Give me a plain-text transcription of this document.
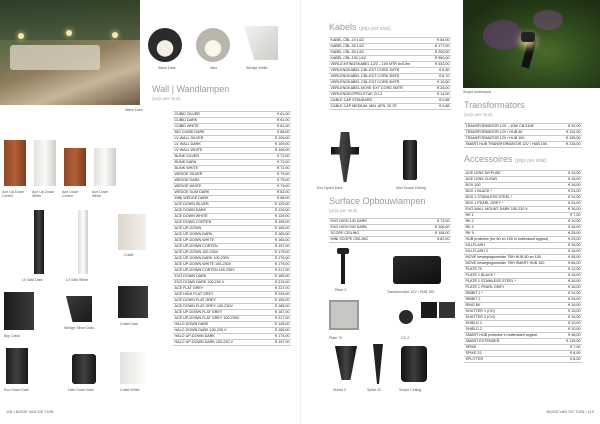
Wave Dark
Wave Dark	Nice	Wedge White
Wall | Wandlampen
(prijs per stuk)
Ace Up-Down
Corten
Ace Up-Down
White
Ace Down
Corten
Ace Down
White
Cubid
LV Wall Dark	LV Wall White
Big Cubid
Wedge Silver Dark
Cubid Dark
Evo Down Dark	Halo Down Dark	Cubid White
CUBID SILVER	€ 61,00
CUBID DARK	€ 61,00
CUBID WHITE	€ 61,00
BIG CUBID DARK	€ 88,00
LV WALL SILVER	€ 109,00
LV WALL DARK	€ 109,00
LV WALL WHITE	€ 109,00
BLINK SILVER	€ 72,00
BLINK DARK	€ 72,00
BLINK WHITE	€ 72,00
WEDGE SILVER	€ 79,00
WEDGE DARK	€ 79,00
WEDGE WHITE	€ 79,00
WEDGE SLIM DARK	€ 82,00
MINI WEDGE DARK	€ 68,00
ACE DOWN SILVER	€ 129,00
ACE DOWN DARK	€ 129,00
ACE DOWN WHITE	€ 129,00
ACE DOWN CORTEN	€ 155,00
ACE UP-DOWN	€ 165,00
ACE UP-DOWN DARK	€ 165,00
ACE UP-DOWN WHITE	€ 165,00
ACE UP-DOWN CORTEN	€ 197,00
ACE UP-DOWN 100-230V	€ 179,00
ACE UP-DOWN DARK 100-230V	€ 179,00
ACE UP-DOWN WHITE 100-230V	€ 179,00
ACE UP-DOWN CORTEN 100-230V	€ 217,00
EVO DOWN DARK	€ 185,00
EVO DOWN DARK 100-230 V	€ 215,00
ACE FLAT GREY	€ 227,00
ACE HIGH FLAT GREY	€ 239,00
ACE DOWN FLAT GREY	€ 155,00
ACE DOWN FLAT GREY 100-230V	€ 185,00
ACE UP-DOWN FLAT GREY	€ 187,00
ACE UP-DOWN FLAT GREY 100-230V	€ 217,00
HALO DOWN DARK	€ 145,00
HALO DOWN DARK 100-230 V	€ 165,00
HALO UP-DOWN DARK	€ 175,00
HALO UP-DOWN DARK 100-230 V	€ 197,00
118 | BASIS VAN DE TUIN
Kabels (prijs per stuk)
KABEL CBL-10 14/2	€ 64,00
KABEL CBL-30 14/2	€ 177,00
KABEL CBL-50 14/2	€ 290,00
KABEL CBL-100 14/2	€ 590,00
VERLICHTINGSKABEL 12/2 – 100 MTR 6x0,5m	€ 533,00
VERLENGKABEL CBL-EXT CORD 1MTR	€ 6,50
VERLENGKABEL CBL-EXT CORD 3MTR	€ 8,70
VERLENGKABEL CBL-EXT CORD 5MTR	€ 10,90
VERLENGKABEL MOVE EXT CORD 5MTR	€ 26,00
VERLENGKOPPELSTUK CC-2	€ 14,00
CABLE CAP STANDARD	€ 0,88
CABLE CAP MEDIUM. MIN. AFN. 25 ST.	€ 0,88
Scope buitenspot
Transformators
(prijs per stuk)
TRANSFORMATOR 12V – 10W CB-510E	€ 32,00
TRANSFORMATOR 12V / HUB 60	€ 114,00
TRANSFORMATOR 12V / HUB 100	€ 195,00
SMART HUB TRANSFORMATOR 12V / HUB 150	€ 218,00
Evo Hydro Dark	Mini Scope Ceiling
Surface Opbouwlampen
(prijs per stuk)
EVO HIGH 140 DARK	€ 73,00
EVO HIGH 940 DARK	€ 106,00
SCOPE CEILING	€ 108,00
MINI SCOPE CEILING	€ 82,00
Accessoires (prijs per stuk)
ACE LENS DIFFUSE	€ 15,00
ACE LENS CLEAR	€ 15,00
BOX 100	€ 16,00
BOX 1 BLACK *	€ 24,00
BOX 1 STAINLESS STEEL *	€ 24,00
BOX 1 PEARL GREY *	€ 24,00
EVO WALL MOUNT DARK 100-230 V	€ 16,00
RK 1	€ 7,00
RK 2	€ 10,00
RK 4	€ 16,00
RK 5	€ 25,00
HUB protector (for 60 en 100 in buitenkant opgest)	€ 29,00
KILLFLASH	€ 16,00
KILLFLASH 2	€ 16,00
MOVE bewegingsmelder TBH HUB 60 en 100	€ 48,00
MOVE bewegingsmelder TBH SMART HUB 150	€ 66,00
PLATE 70	€ 12,00
PLATE 1 BLACK *	€ 16,00
PLATE 1 STAINLESS STEEL *	€ 16,00
PLATE 1 PEARL GREY	€ 16,00
RIBBIT 1 *	€ 24,00
RIBBIT 2	€ 26,00
RING 80	€ 16,00
SHUTTER 1 (CH)	€ 15,00
SHUTTER 2 (CH)	€ 15,00
SHIELD 1	€ 10,00
SHIELD 2	€ 10,00
SMART HUB protector in buitenkant opgest.	€ 48,00
SMART EXTENDER	€ 119,00
SPIKE	€ 7,00
SPIKE 22	€ 8,00
SPLITTER	€ 8,00
Riser 2	Transformator 12V / HUB 150
Plate 70	CC-2
Shield 2	Spike 22	Scope Ceiling
BASIS VAN DE TUIN | 119
